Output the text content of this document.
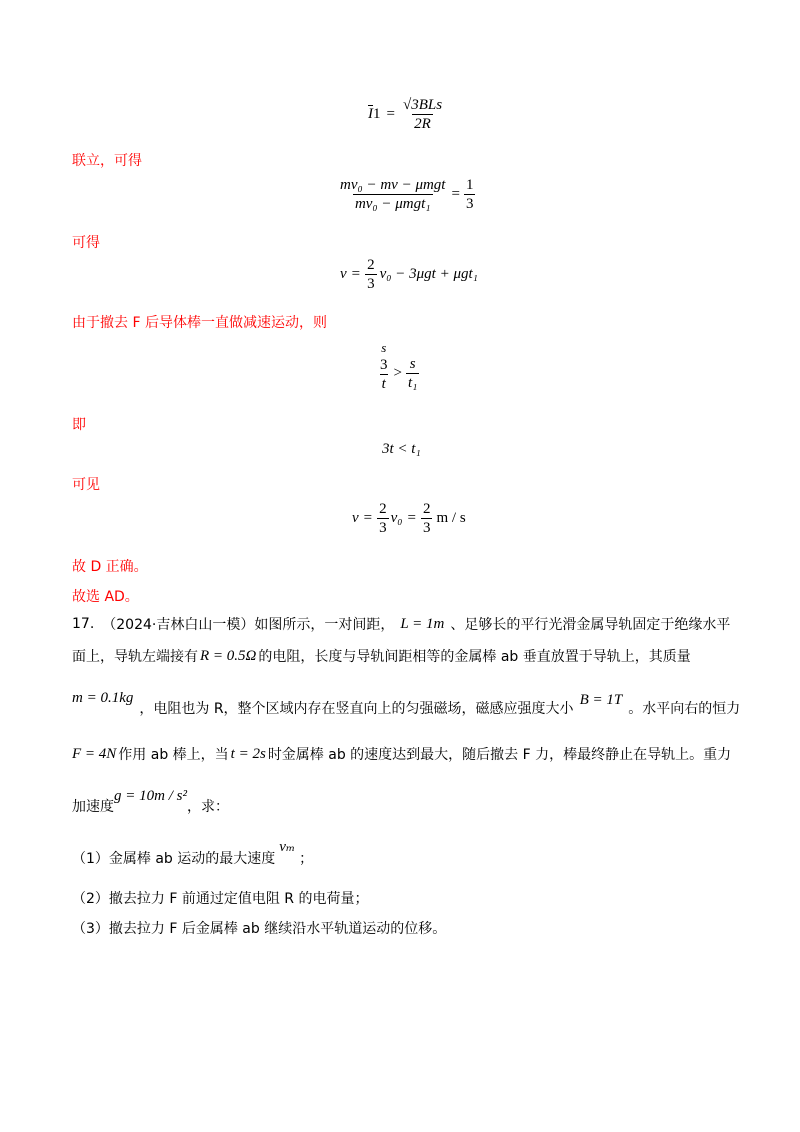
$\overline{I}$ $1 = \frac{\text{√3BLs}}{2R}$
联立，可得
$\frac{\text{mv₀ − mv − μmgt}}{\text{mv₀ − μmgt₁}} = \frac{1}{3}$
可得
$v = \frac{2}{3} v_0 - 3\mu gt + \mu gt_1$
由于撤去 F 后导体棒一直做减速运动，则
s
$\frac{3}{t} > \frac{s}{\text{t₁}}$
即
3t < t₁
可见
$v = \frac{2}{3} v_0 = \frac{2}{3}$ m / s
故 D 正确。
故选 AD。
17. （2024·吉林白山一模） 如图所示，一对间距， L = 1m 、足够长的平行光滑金属导轨固定于绝缘水平
面上，导轨左端接有 R = 0.5Ω 的电阻，长度与导轨间距相等的金属棒 ab 垂直放置于导轨上，其质量
m = 0.1kg
，电阻也为 R，整个区域内存在竖直向上的匀强磁场，磁感应强度大小
B = 1T
。水平向右的恒力
F = 4N 作用 ab 棒上，当 t = 2s 时金属棒 ab 的速度达到最大，随后撤去 F 力，棒最终静止在导轨上。重力
加速度
g = 10m / s²
，求：
（1）金属棒 ab 运动的最大速度
vₘ
；
（2）撤去拉力 F 前通过定值电阻 R 的电荷量；
（3）撤去拉力 F 后金属棒 ab 继续沿水平轨道运动的位移。
